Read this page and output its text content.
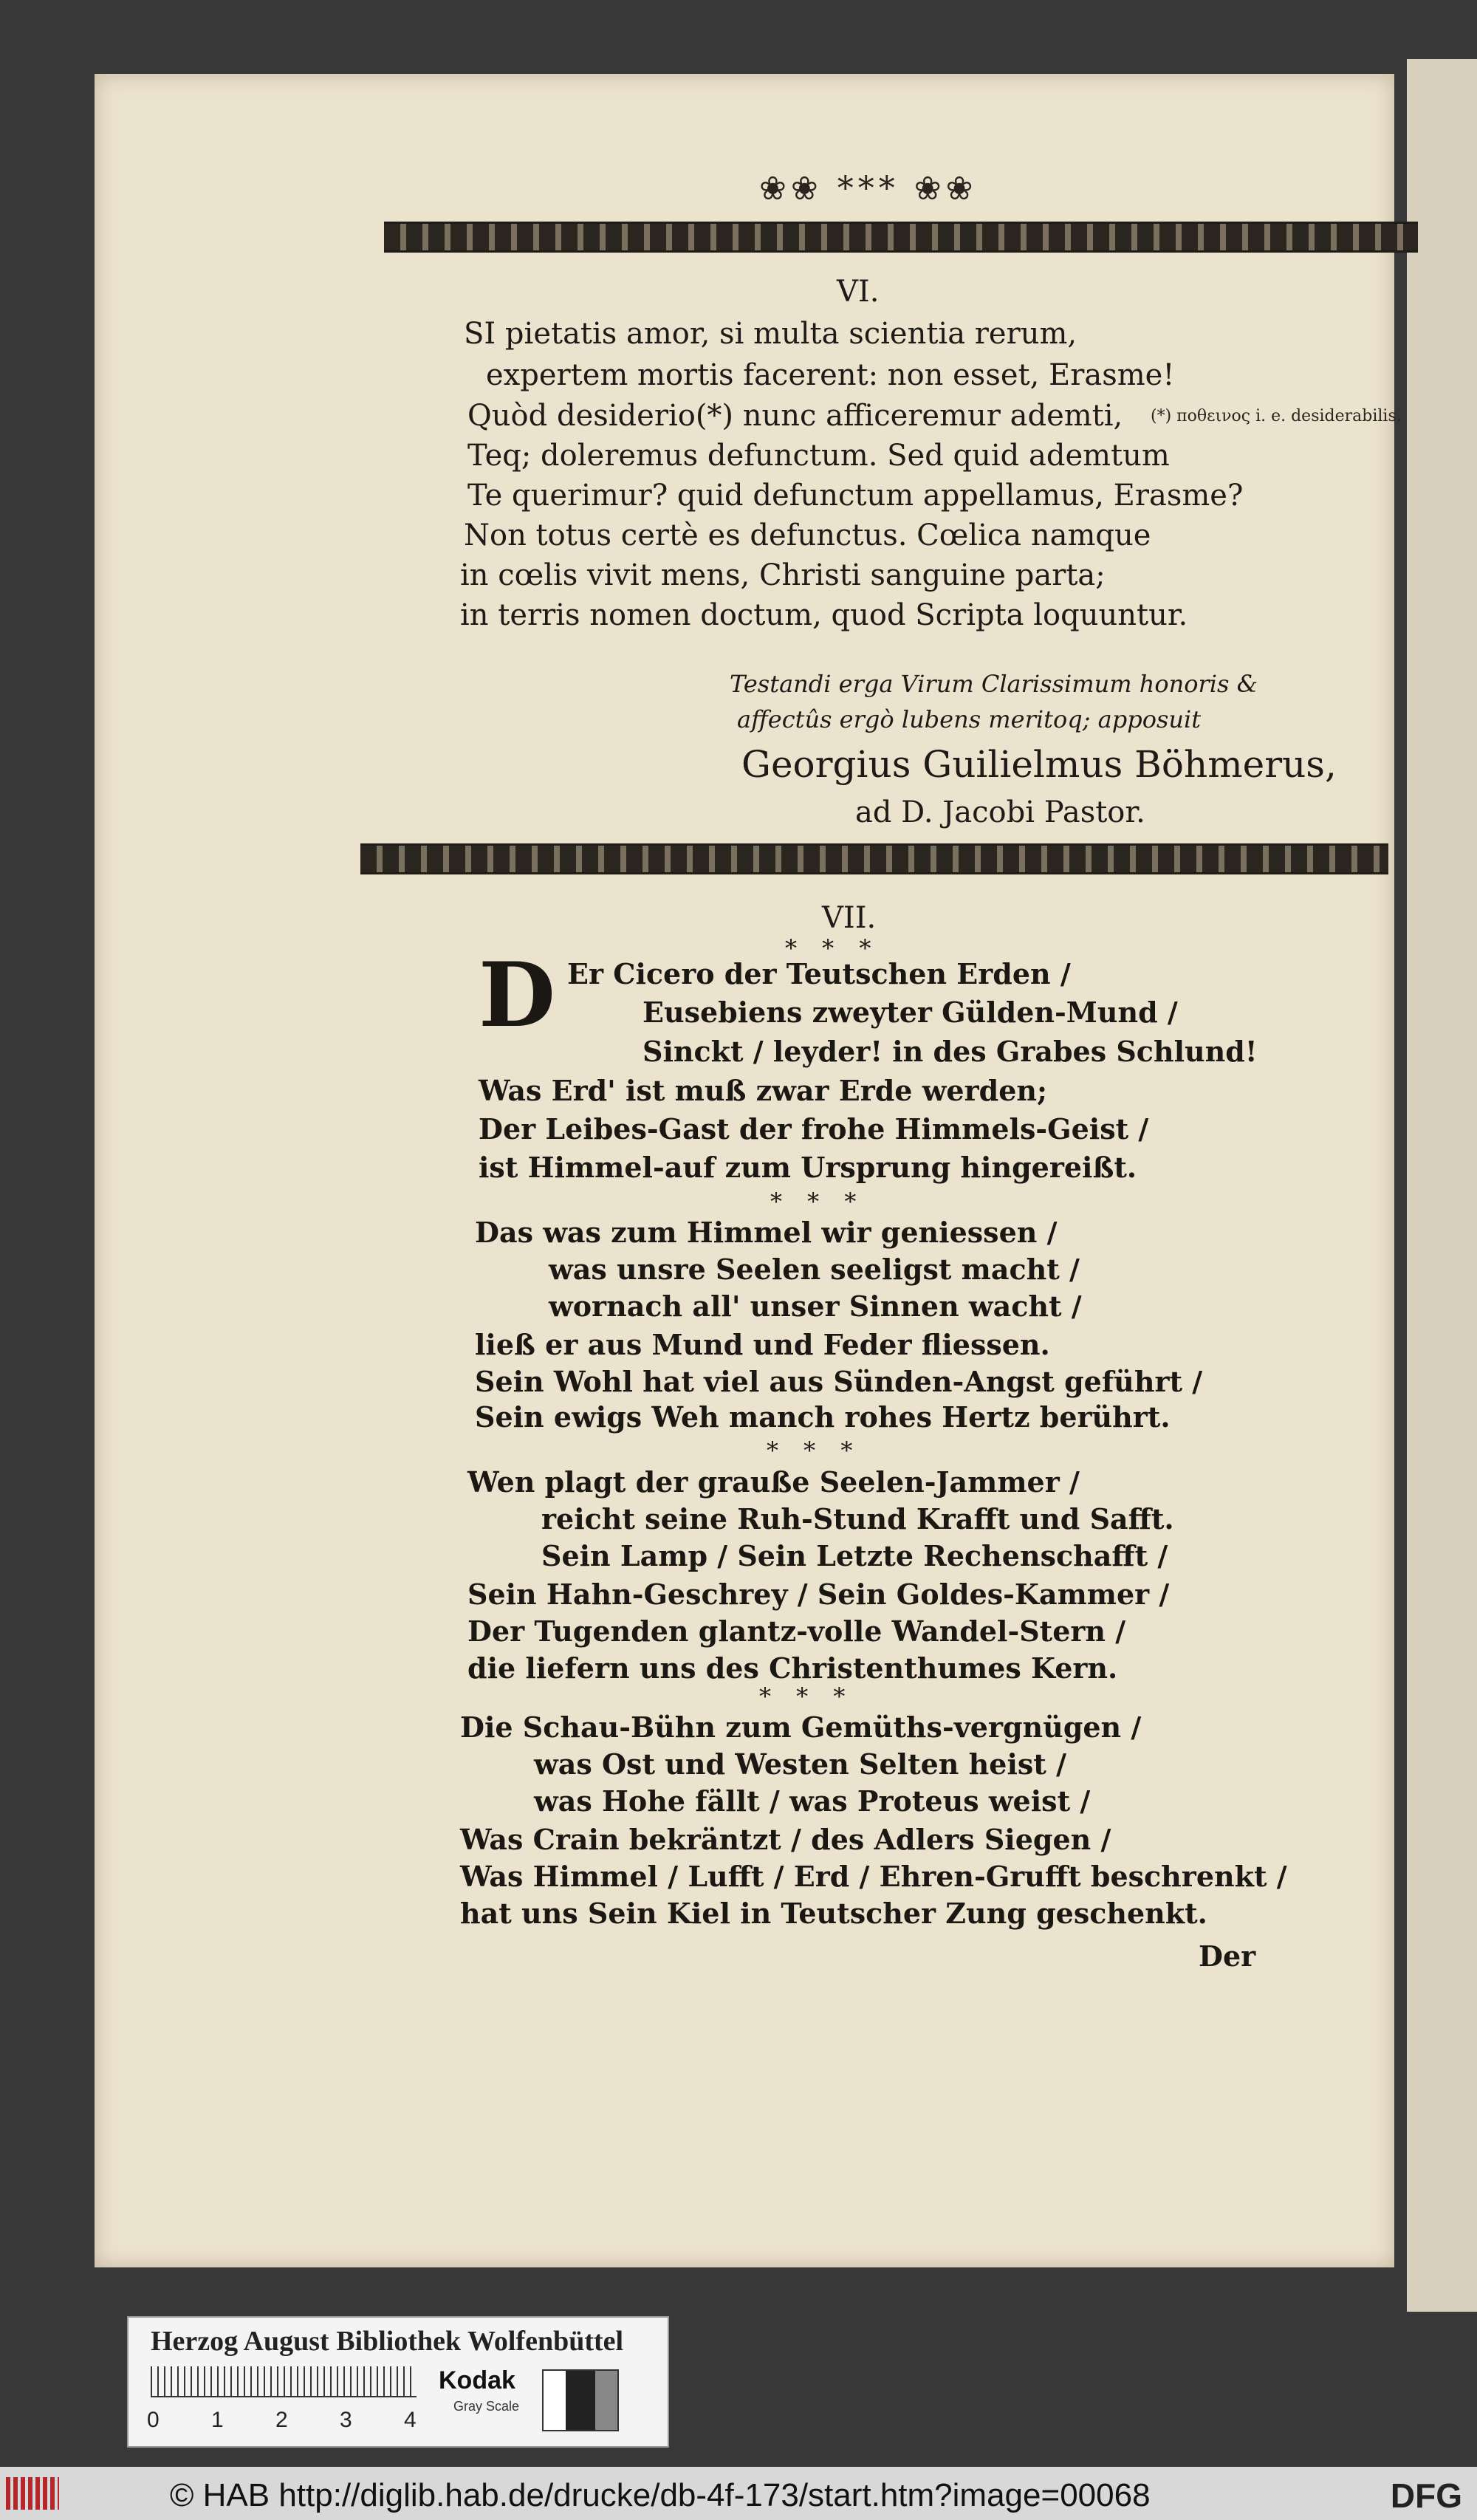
❀❀ *** ❀❀
VI.
SI pietatis amor, si multa scientia rerum,
expertem mortis facerent: non esset, Erasme!
Quòd desiderio(*) nunc afficeremur ademti,
Teq; doleremus defunctum. Sed quid ademtum
Te querimur? quid defunctum appellamus, Erasme?
Non totus certè es defunctus. Cœlica namque
in cœlis vivit mens, Christi sanguine parta;
in terris nomen doctum, quod Scripta loquuntur.
(*) ποθεινος i. e. desiderabilis.
Testandi erga Virum Clarissimum honoris &
affectûs ergò lubens meritoq; apposuit
Georgius Guilielmus Böhmerus,
ad D. Jacobi Pastor.
VII.
* * *
D Er Cicero der Teutschen Erden /
Eusebiens zweyter Gülden-Mund /
Sinckt / leyder! in des Grabes Schlund!
Was Erd' ist muß zwar Erde werden;
Der Leibes-Gast der frohe Himmels-Geist /
ist Himmel-auf zum Ursprung hingereißt.
* * *
Das was zum Himmel wir geniessen /
was unsre Seelen seeligst macht /
wornach all' unser Sinnen wacht /
ließ er aus Mund und Feder fliessen.
Sein Wohl hat viel aus Sünden-Angst geführt /
Sein ewigs Weh manch rohes Hertz berührt.
* * *
Wen plagt der grauße Seelen-Jammer /
reicht seine Ruh-Stund Krafft und Safft.
Sein Lamp / Sein Letzte Rechenschafft /
Sein Hahn-Geschrey / Sein Goldes-Kammer /
Der Tugenden glantz-volle Wandel-Stern /
die liefern uns des Christenthumes Kern.
* * *
Die Schau-Bühn zum Gemüths-vergnügen /
was Ost und Westen Selten heist /
was Hohe fällt / was Proteus weist /
Was Crain bekräntzt / des Adlers Siegen /
Was Himmel / Lufft / Erd / Ehren-Grufft beschrenkt /
hat uns Sein Kiel in Teutscher Zung geschenkt.
Der
Herzog August Bibliothek Wolfenbüttel
0 1 2 3 4
Kodak
Gray Scale
© HAB http://diglib.hab.de/drucke/db-4f-173/start.htm?image=00068	DFG
